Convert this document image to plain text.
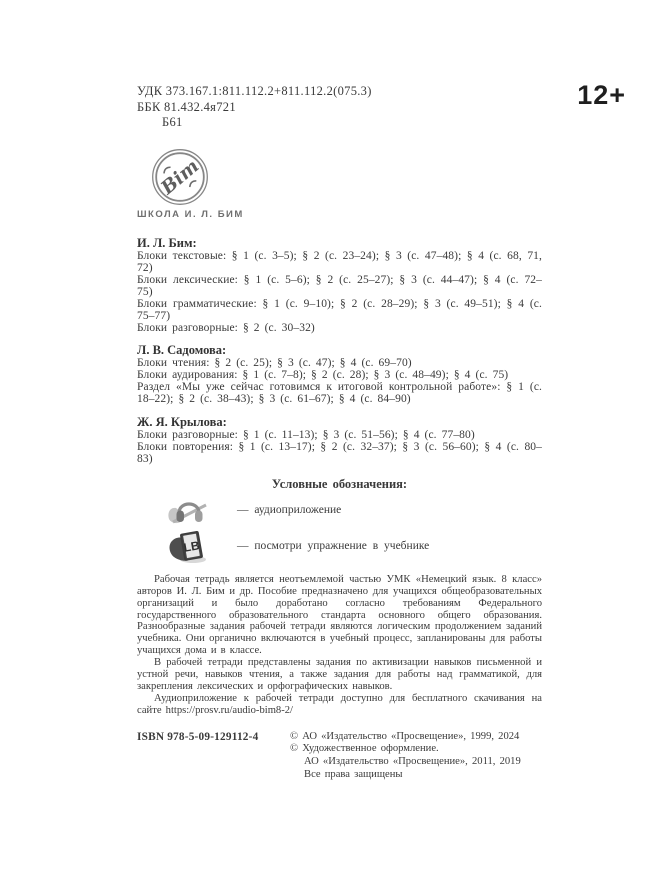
12+
УДК 373.167.1:811.112.2+811.112.2(075.3)
ББК 81.432.4я721
Б61
Bim
ШКОЛА И. Л. БИМ
И. Л. Бим:

Блоки текстовые: § 1 (с. 3–5); § 2 (с. 23–24); § 3 (с. 47–48); § 4 (с. 68, 71, 72)

Блоки лексические: § 1 (с. 5–6); § 2 (с. 25–27); § 3 (с. 44–47); § 4 (с. 72–75)

Блоки грамматические: § 1 (с. 9–10); § 2 (с. 28–29); § 3 (с. 49–51); § 4 (с. 75–77)

Блоки разговорные: § 2 (с. 30–32)

Л. В. Садомова:

Блоки чтения: § 2 (с. 25); § 3 (с. 47); § 4 (с. 69–70)

Блоки аудирования: § 1 (с. 7–8); § 2 (с. 28); § 3 (с. 48–49); § 4 (с. 75)

Раздел «Мы уже сейчас готовимся к итоговой контрольной работе»: § 1 (с. 18–22); § 2 (с. 38–43); § 3 (с. 61–67); § 4 (с. 84–90)

Ж. Я. Крылова:

Блоки разговорные: § 1 (с. 11–13); § 3 (с. 51–56); § 4 (с. 77–80)

Блоки повторения: § 1 (с. 13–17); § 2 (с. 32–37); § 3 (с. 56–60); § 4 (с. 80–83)

Условные обозначения:
— аудиоприложение
LB	— посмотри упражнение в учебнике

Рабочая тетрадь является неотъемлемой частью УМК «Немецкий язык. 8 класс» авторов И. Л. Бим и др. Пособие предназначено для учащихся общеобразовательных организаций и было доработано согласно требованиям Федерального государственного образовательного стандарта основного общего образования. Разнообразные задания рабочей тетради являются логическим продолжением заданий учебника. Они органично включаются в учебный процесс, запланированы для работы учащихся дома и в классе.

В рабочей тетради представлены задания по активизации навыков письменной и устной речи, навыков чтения, а также задания для работы над грамматикой, для закрепления лексических и орфографических навыков.

Аудиоприложение к рабочей тетради доступно для бесплатного скачивания на сайте https://prosv.ru/audio-bim8-2/

ISBN 978-5-09-129112-4	© АО «Издательство «Просвещение», 1999, 2024
© Художественное оформление.
АО «Издательство «Просвещение», 2011, 2019
Все права защищены
